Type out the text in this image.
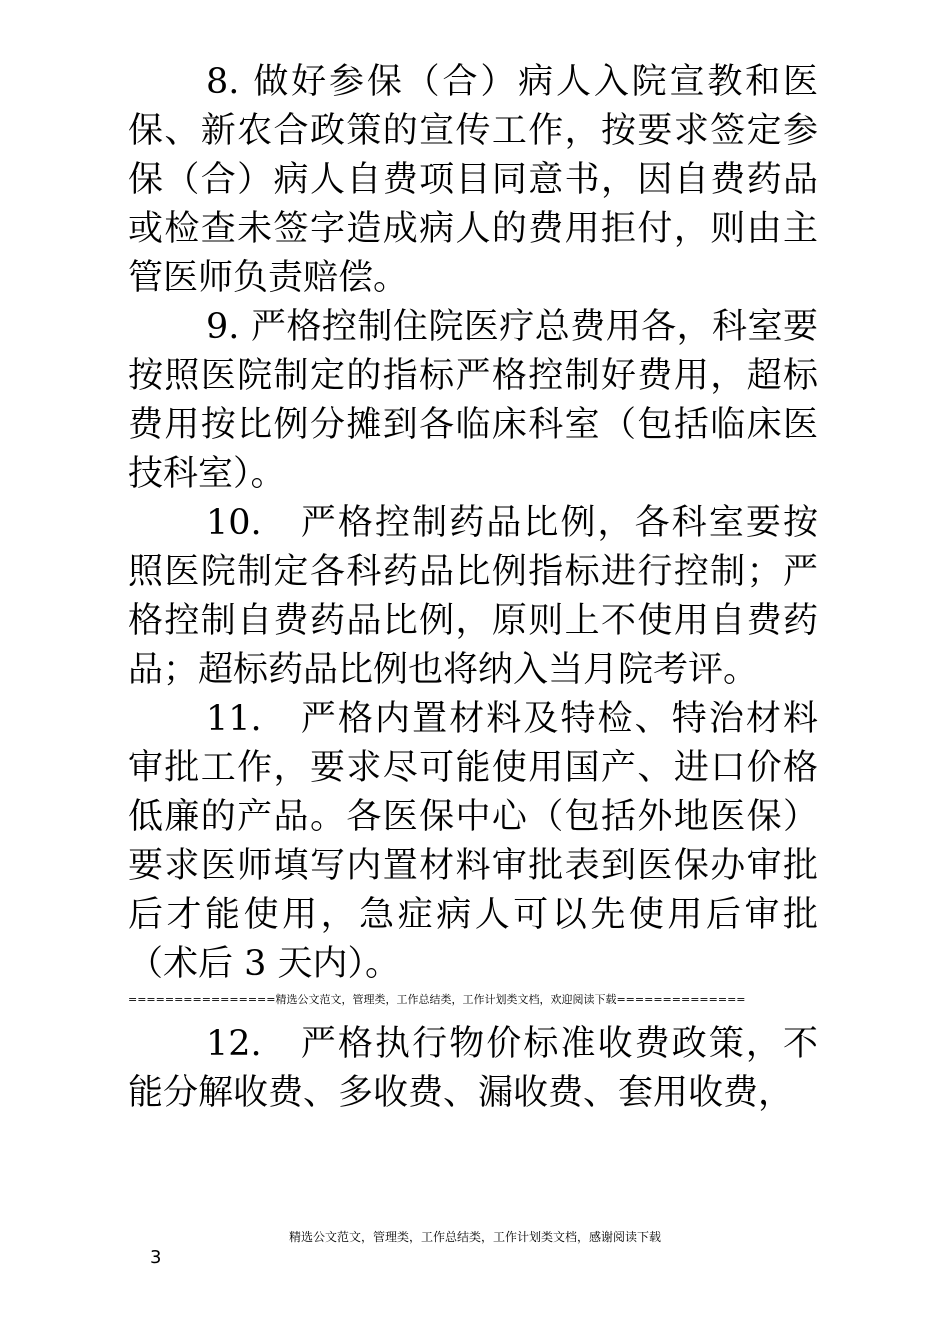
8. 做好参保（合）病人入院宣教和医保、新农合政策的宣传工作，按要求签定参保（合）病人自费项目同意书，因自费药品或检查未签字造成病人的费用拒付，则由主管医师负责赔偿。

9. 严格控制住院医疗总费用各，科室要按照医院制定的指标严格控制好费用，超标费用按比例分摊到各临床科室（包括临床医技科室）。

10.　严格控制药品比例，各科室要按照医院制定各科药品比例指标进行控制；严格控制自费药品比例，原则上不使用自费药品；超标药品比例也将纳入当月院考评。

11.　严格内置材料及特检、特治材料审批工作，要求尽可能使用国产、进口价格低廉的产品。各医保中心（包括外地医保）要求医师填写内置材料审批表到医保办审批后才能使用，急症病人可以先使用后审批（术后 3 天内）。

================精选公文范文，管理类，工作总结类，工作计划类文档，欢迎阅读下载==============

12.　严格执行物价标准收费政策，不能分解收费、多收费、漏收费、套用收费，

精选公文范文，管理类，工作总结类，工作计划类文档，感谢阅读下载
3
